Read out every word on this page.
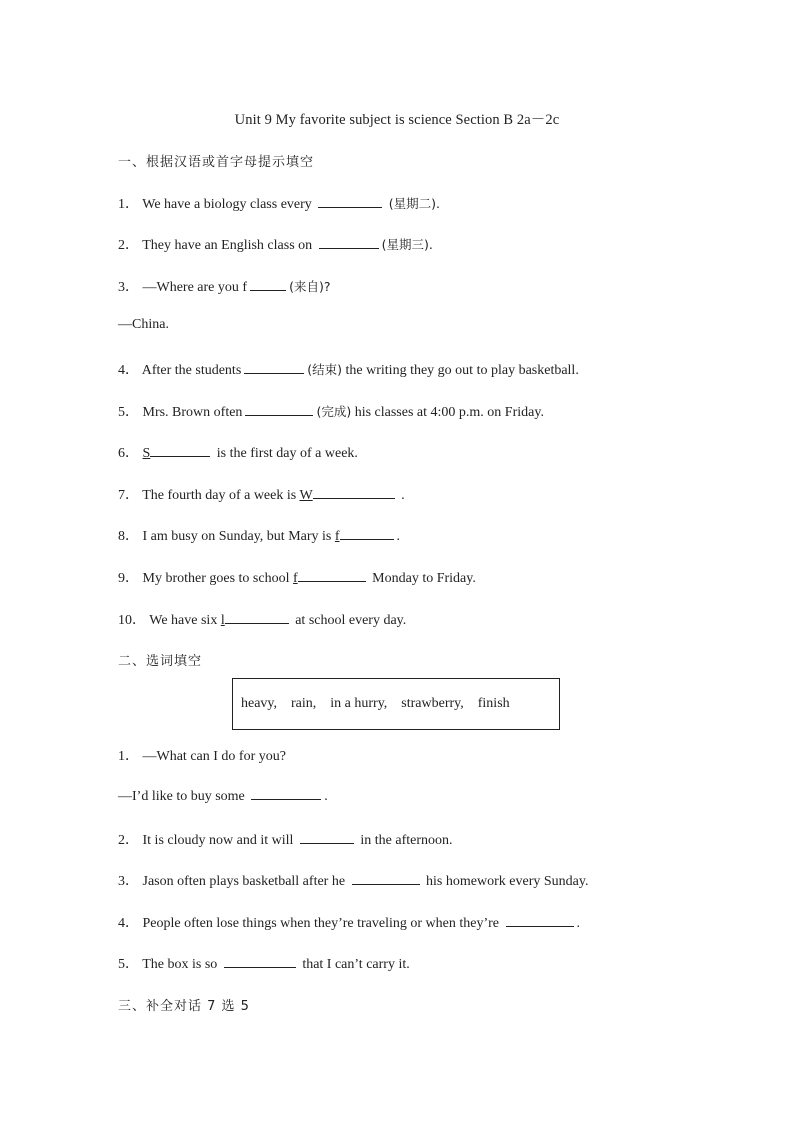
Unit 9 My favorite subject is science Section B 2a－2c
一、根据汉语或首字母提示填空
1． We have a biology class every	(星期二).
2． They have an English class on	(星期三).
3． —Where are you f	(来自)?
—China.
4． After the students	(结束) the writing they go out to play basketball.
5． Mrs. Brown often	(完成) his classes at 4:00 p.m. on Friday.
6． S	is the first day of a week.
7． The fourth day of a week is W	.
8． I am busy on Sunday, but Mary is f	.
9． My brother goes to school f	Monday to Friday.
10． We have six l	at school every day.
二、选词填空
heavy,    rain,    in a hurry,    strawberry,    finish
1． —What can I do for you?
—I’d like to buy some	.
2． It is cloudy now and it will	in the afternoon.
3． Jason often plays basketball after he	his homework every Sunday.
4． People often lose things when they’re traveling or when they’re	.
5． The box is so	that I can’t carry it.
三、补全对话 7 选 5
